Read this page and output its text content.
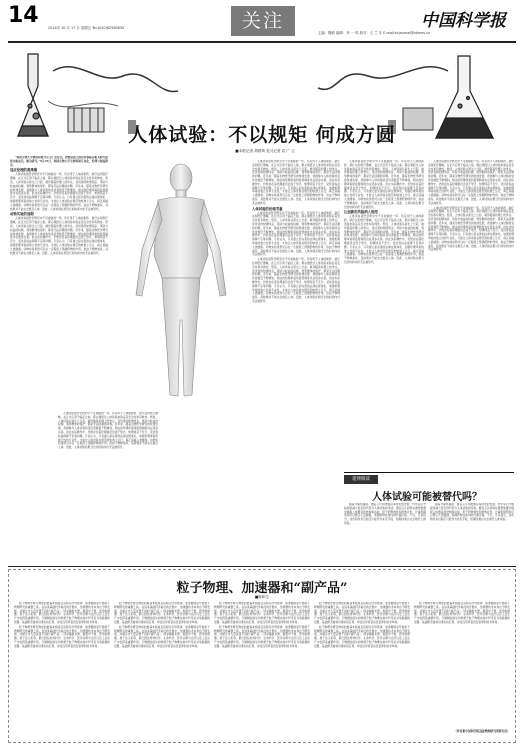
14	2014年 10 月 17 日 星期五 Tel:(010)62580630	关注	中国科学报
主编：魏莉 编辑：李 一 鸣 校对：王 兰 年 E-mail:kcjournal@stimes.cn
人体试验：不以规矩 何成方圆
■本报记者 胡珉琦 见习记者 袁 广 卫

“韩国生物大学教授和研究生为了发论文，把他请进人体医药和临床相关研究最终实验成员，做为研究。”9月29日，韩国生物大学生物科研专业化，伦理与制度研究。

违反伦理的黄禹锡

人体试验是医学研究中不可或缺的一环。所有用于人体的新药、新疗法和医疗器械，在正式应用于临床之前，都必须经过人体试验来验证其安全性和有效性。然而，人体试验从诞生之日起，就伴随着伦理上的争议。受试者的知情同意、风险与收益的权衡、弱势群体的保护，都是无法回避的问题。近年来，随着生物医学研究的快速发展，我国参与人体试验的受试者数量不断增加，相关的伦理审查和监管制度也在逐步完善。但在实际操作中，仍然存在着伦理委员会流于形式、知情同意不充分、受试者权益保障不足等问题。专家认为，只有建立起完善的法律法规体系，加强伦理审查的独立性和专业性，才能让人体试验在规范的轨道上运行，真正造福人类健康。动物实验虽然可以在一定程度上预测药物的作用，但由于物种差异，其结果并不能完全推及人体。因此，人体试验在相当长的时间内仍无法被替代。

动物实验的局限

人体试验是医学研究中不可或缺的一环。所有用于人体的新药、新疗法和医疗器械，在正式应用于临床之前，都必须经过人体试验来验证其安全性和有效性。然而，人体试验从诞生之日起，就伴随着伦理上的争议。受试者的知情同意、风险与收益的权衡、弱势群体的保护，都是无法回避的问题。近年来，随着生物医学研究的快速发展，我国参与人体试验的受试者数量不断增加，相关的伦理审查和监管制度也在逐步完善。但在实际操作中，仍然存在着伦理委员会流于形式、知情同意不充分、受试者权益保障不足等问题。专家认为，只有建立起完善的法律法规体系，加强伦理审查的独立性和专业性，才能让人体试验在规范的轨道上运行，真正造福人类健康。动物实验虽然可以在一定程度上预测药物的作用，但由于物种差异，其结果并不能完全推及人体。因此，人体试验在相当长的时间内仍无法被替代。

人体试验是医学研究中不可或缺的一环。所有用于人体的新药、新疗法和医疗器械，在正式应用于临床之前，都必须经过人体试验来验证其安全性和有效性。然而，人体试验从诞生之日起，就伴随着伦理上的争议。受试者的知情同意、风险与收益的权衡、弱势群体的保护，都是无法回避的问题。近年来，随着生物医学研究的快速发展，我国参与人体试验的受试者数量不断增加，相关的伦理审查和监管制度也在逐步完善。但在实际操作中，仍然存在着伦理委员会流于形式、知情同意不充分、受试者权益保障不足等问题。专家认为，只有建立起完善的法律法规体系，加强伦理审查的独立性和专业性，才能让人体试验在规范的轨道上运行，真正造福人类健康。动物实验虽然可以在一定程度上预测药物的作用，但由于物种差异，其结果并不能完全推及人体。因此，人体试验在相当长的时间内仍无法被替代。

人体试验是医学研究中不可或缺的一环。所有用于人体的新药、新疗法和医疗器械，在正式应用于临床之前，都必须经过人体试验来验证其安全性和有效性。然而，人体试验从诞生之日起，就伴随着伦理上的争议。受试者的知情同意、风险与收益的权衡、弱势群体的保护，都是无法回避的问题。近年来，随着生物医学研究的快速发展，我国参与人体试验的受试者数量不断增加，相关的伦理审查和监管制度也在逐步完善。但在实际操作中，仍然存在着伦理委员会流于形式、知情同意不充分、受试者权益保障不足等问题。专家认为，只有建立起完善的法律法规体系，加强伦理审查的独立性和专业性，才能让人体试验在规范的轨道上运行，真正造福人类健康。动物实验虽然可以在一定程度上预测药物的作用，但由于物种差异，其结果并不能完全推及人体。因此，人体试验在相当长的时间内仍无法被替代。

人体试验的伦理考量

人体试验是医学研究中不可或缺的一环。所有用于人体的新药、新疗法和医疗器械，在正式应用于临床之前，都必须经过人体试验来验证其安全性和有效性。然而，人体试验从诞生之日起，就伴随着伦理上的争议。受试者的知情同意、风险与收益的权衡、弱势群体的保护，都是无法回避的问题。近年来，随着生物医学研究的快速发展，我国参与人体试验的受试者数量不断增加，相关的伦理审查和监管制度也在逐步完善。但在实际操作中，仍然存在着伦理委员会流于形式、知情同意不充分、受试者权益保障不足等问题。专家认为，只有建立起完善的法律法规体系，加强伦理审查的独立性和专业性，才能让人体试验在规范的轨道上运行，真正造福人类健康。动物实验虽然可以在一定程度上预测药物的作用，但由于物种差异，其结果并不能完全推及人体。因此，人体试验在相当长的时间内仍无法被替代。

人体试验是医学研究中不可或缺的一环。所有用于人体的新药、新疗法和医疗器械，在正式应用于临床之前，都必须经过人体试验来验证其安全性和有效性。然而，人体试验从诞生之日起，就伴随着伦理上的争议。受试者的知情同意、风险与收益的权衡、弱势群体的保护，都是无法回避的问题。近年来，随着生物医学研究的快速发展，我国参与人体试验的受试者数量不断增加，相关的伦理审查和监管制度也在逐步完善。但在实际操作中，仍然存在着伦理委员会流于形式、知情同意不充分、受试者权益保障不足等问题。专家认为，只有建立起完善的法律法规体系，加强伦理审查的独立性和专业性，才能让人体试验在规范的轨道上运行，真正造福人类健康。动物实验虽然可以在一定程度上预测药物的作用，但由于物种差异，其结果并不能完全推及人体。因此，人体试验在相当长的时间内仍无法被替代。

人体试验是医学研究中不可或缺的一环。所有用于人体的新药、新疗法和医疗器械，在正式应用于临床之前，都必须经过人体试验来验证其安全性和有效性。然而，人体试验从诞生之日起，就伴随着伦理上的争议。受试者的知情同意、风险与收益的权衡、弱势群体的保护，都是无法回避的问题。近年来，随着生物医学研究的快速发展，我国参与人体试验的受试者数量不断增加，相关的伦理审查和监管制度也在逐步完善。但在实际操作中，仍然存在着伦理委员会流于形式、知情同意不充分、受试者权益保障不足等问题。专家认为，只有建立起完善的法律法规体系，加强伦理审查的独立性和专业性，才能让人体试验在规范的轨道上运行，真正造福人类健康。动物实验虽然可以在一定程度上预测药物的作用，但由于物种差异，其结果并不能完全推及人体。因此，人体试验在相当长的时间内仍无法被替代。

让创新的风险纳入规范

人体试验是医学研究中不可或缺的一环。所有用于人体的新药、新疗法和医疗器械，在正式应用于临床之前，都必须经过人体试验来验证其安全性和有效性。然而，人体试验从诞生之日起，就伴随着伦理上的争议。受试者的知情同意、风险与收益的权衡、弱势群体的保护，都是无法回避的问题。近年来，随着生物医学研究的快速发展，我国参与人体试验的受试者数量不断增加，相关的伦理审查和监管制度也在逐步完善。但在实际操作中，仍然存在着伦理委员会流于形式、知情同意不充分、受试者权益保障不足等问题。专家认为，只有建立起完善的法律法规体系，加强伦理审查的独立性和专业性，才能让人体试验在规范的轨道上运行，真正造福人类健康。动物实验虽然可以在一定程度上预测药物的作用，但由于物种差异，其结果并不能完全推及人体。因此，人体试验在相当长的时间内仍无法被替代。

人体试验是医学研究中不可或缺的一环。所有用于人体的新药、新疗法和医疗器械，在正式应用于临床之前，都必须经过人体试验来验证其安全性和有效性。然而，人体试验从诞生之日起，就伴随着伦理上的争议。受试者的知情同意、风险与收益的权衡、弱势群体的保护，都是无法回避的问题。近年来，随着生物医学研究的快速发展，我国参与人体试验的受试者数量不断增加，相关的伦理审查和监管制度也在逐步完善。但在实际操作中，仍然存在着伦理委员会流于形式、知情同意不充分、受试者权益保障不足等问题。专家认为，只有建立起完善的法律法规体系，加强伦理审查的独立性和专业性，才能让人体试验在规范的轨道上运行，真正造福人类健康。动物实验虽然可以在一定程度上预测药物的作用，但由于物种差异，其结果并不能完全推及人体。因此，人体试验在相当长的时间内仍无法被替代。

人体试验是医学研究中不可或缺的一环。所有用于人体的新药、新疗法和医疗器械，在正式应用于临床之前，都必须经过人体试验来验证其安全性和有效性。然而，人体试验从诞生之日起，就伴随着伦理上的争议。受试者的知情同意、风险与收益的权衡、弱势群体的保护，都是无法回避的问题。近年来，随着生物医学研究的快速发展，我国参与人体试验的受试者数量不断增加，相关的伦理审查和监管制度也在逐步完善。但在实际操作中，仍然存在着伦理委员会流于形式、知情同意不充分、受试者权益保障不足等问题。专家认为，只有建立起完善的法律法规体系，加强伦理审查的独立性和专业性，才能让人体试验在规范的轨道上运行，真正造福人类健康。动物实验虽然可以在一定程度上预测药物的作用，但由于物种差异，其结果并不能完全推及人体。因此，人体试验在相当长的时间内仍无法被替代。

延伸阅读
人体试验可能被替代吗？

随着计算机模拟、器官芯片和类器官等技术的发展，科学家们开始探索减少甚至替代部分人体试验的可能。器官芯片能够在微型装置中模拟人体器官的结构和功能，用于药物毒性和药效评价。计算机模型则可以整合大量数据，预测药物在体内的代谢过程。不过，专家指出，这些新技术目前还只能作为补充手段，短期内难以完全取代人体试验。

随着计算机模拟、器官芯片和类器官等技术的发展，科学家们开始探索减少甚至替代部分人体试验的可能。器官芯片能够在微型装置中模拟人体器官的结构和功能，用于药物毒性和药效评价。计算机模型则可以整合大量数据，预测药物在体内的代谢过程。不过，专家指出，这些新技术目前还只能作为补充手段，短期内难以完全取代人体试验。

粒子物理、加速器和“副产品”
■陈和生

粒子物理学研究物质的最基本组成及其相互作用规律，加速器则是开展粒子物理研究的重要工具。在追求基础科学前沿的过程中，加速器技术本身也不断发展，并催生出大量意想不到的“副产品”。同步辐射光源、散裂中子源、医用加速器、离子注入机等，都已经在材料科学、生命科学、医学诊断与治疗以及工业生产中发挥着重要作用。万维网的诞生同样源于粒子物理实验中科学家共享数据的需要。基础研究看似远离实际应用，却往往孕育着改变世界的技术革命。

粒子物理学研究物质的最基本组成及其相互作用规律，加速器则是开展粒子物理研究的重要工具。在追求基础科学前沿的过程中，加速器技术本身也不断发展，并催生出大量意想不到的“副产品”。同步辐射光源、散裂中子源、医用加速器、离子注入机等，都已经在材料科学、生命科学、医学诊断与治疗以及工业生产中发挥着重要作用。万维网的诞生同样源于粒子物理实验中科学家共享数据的需要。基础研究看似远离实际应用，却往往孕育着改变世界的技术革命。

粒子物理学研究物质的最基本组成及其相互作用规律，加速器则是开展粒子物理研究的重要工具。在追求基础科学前沿的过程中，加速器技术本身也不断发展，并催生出大量意想不到的“副产品”。同步辐射光源、散裂中子源、医用加速器、离子注入机等，都已经在材料科学、生命科学、医学诊断与治疗以及工业生产中发挥着重要作用。万维网的诞生同样源于粒子物理实验中科学家共享数据的需要。基础研究看似远离实际应用，却往往孕育着改变世界的技术革命。

粒子物理学研究物质的最基本组成及其相互作用规律，加速器则是开展粒子物理研究的重要工具。在追求基础科学前沿的过程中，加速器技术本身也不断发展，并催生出大量意想不到的“副产品”。同步辐射光源、散裂中子源、医用加速器、离子注入机等，都已经在材料科学、生命科学、医学诊断与治疗以及工业生产中发挥着重要作用。万维网的诞生同样源于粒子物理实验中科学家共享数据的需要。基础研究看似远离实际应用，却往往孕育着改变世界的技术革命。

粒子物理学研究物质的最基本组成及其相互作用规律，加速器则是开展粒子物理研究的重要工具。在追求基础科学前沿的过程中，加速器技术本身也不断发展，并催生出大量意想不到的“副产品”。同步辐射光源、散裂中子源、医用加速器、离子注入机等，都已经在材料科学、生命科学、医学诊断与治疗以及工业生产中发挥着重要作用。万维网的诞生同样源于粒子物理实验中科学家共享数据的需要。基础研究看似远离实际应用，却往往孕育着改变世界的技术革命。

粒子物理学研究物质的最基本组成及其相互作用规律，加速器则是开展粒子物理研究的重要工具。在追求基础科学前沿的过程中，加速器技术本身也不断发展，并催生出大量意想不到的“副产品”。同步辐射光源、散裂中子源、医用加速器、离子注入机等，都已经在材料科学、生命科学、医学诊断与治疗以及工业生产中发挥着重要作用。万维网的诞生同样源于粒子物理实验中科学家共享数据的需要。基础研究看似远离实际应用，却往往孕育着改变世界的技术革命。

粒子物理学研究物质的最基本组成及其相互作用规律，加速器则是开展粒子物理研究的重要工具。在追求基础科学前沿的过程中，加速器技术本身也不断发展，并催生出大量意想不到的“副产品”。同步辐射光源、散裂中子源、医用加速器、离子注入机等，都已经在材料科学、生命科学、医学诊断与治疗以及工业生产中发挥着重要作用。万维网的诞生同样源于粒子物理实验中科学家共享数据的需要。基础研究看似远离实际应用，却往往孕育着改变世界的技术革命。

粒子物理学研究物质的最基本组成及其相互作用规律，加速器则是开展粒子物理研究的重要工具。在追求基础科学前沿的过程中，加速器技术本身也不断发展，并催生出大量意想不到的“副产品”。同步辐射光源、散裂中子源、医用加速器、离子注入机等，都已经在材料科学、生命科学、医学诊断与治疗以及工业生产中发挥着重要作用。万维网的诞生同样源于粒子物理实验中科学家共享数据的需要。基础研究看似远离实际应用，却往往孕育着改变世界的技术革命。

粒子物理学研究物质的最基本组成及其相互作用规律，加速器则是开展粒子物理研究的重要工具。在追求基础科学前沿的过程中，加速器技术本身也不断发展，并催生出大量意想不到的“副产品”。同步辐射光源、散裂中子源、医用加速器、离子注入机等，都已经在材料科学、生命科学、医学诊断与治疗以及工业生产中发挥着重要作用。万维网的诞生同样源于粒子物理实验中科学家共享数据的需要。基础研究看似远离实际应用，却往往孕育着改变世界的技术革命。

（作者系中国科学院高能物理研究所研究员）
